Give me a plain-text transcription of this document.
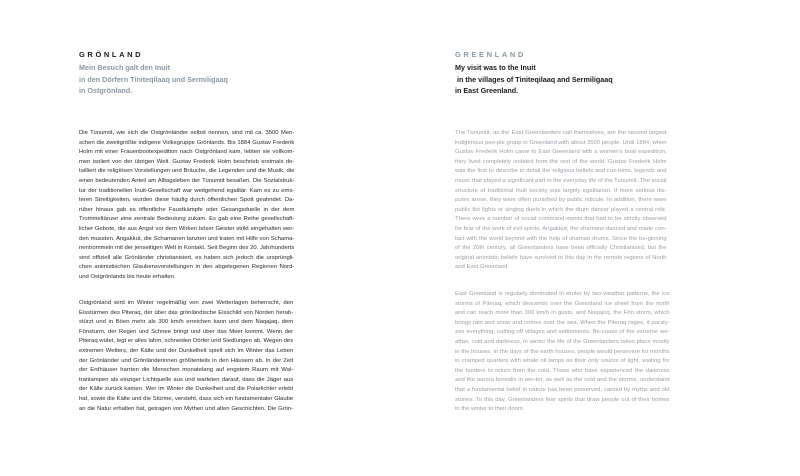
GRÖNLAND
Mein Besuch galt den Inuit
in den Dörfern Tiniteqilaaq und Sermiligaaq
in Ostgrönland.
Die Tunumiit, wie sich die Ostgrönländer selbst nennen, sind mit ca. 3500 Men-
schen die zweitgrößte indigene Volksgruppe Grönlands. Bis 1884 Gustav Frederik
Holm mit einer Frauenbootexpedition nach Ostgrönland kam, lebten sie vollkom-
men isoliert von der übrigen Welt. Gustav Frederik Holm beschrieb erstmals de-
tailliert die religiösen Vorstellungen und Bräuche, die Legenden und die Musik, die
einen bedeutenden Anteil am Alltagsleben der Tunumiit besaßen. Die Sozialstruk-
tur der traditionellen Inuit-Gesellschaft war weitgehend egalitär. Kam es zu ems-
teren Streitigkeiten, wurden diese häufig durch öffentlichen Spott geahndet. Da-
rüber hinaus gab es öffentliche Faustkämpfe oder Gesangsduelle in der dem
Trommeltänzer eine zentrale Bedeutung zukam. Es gab eine Reihe gesellschaft-
licher Gebote, die aus Angst vor dem Wirken böser Geister strikt eingehalten wer-
den mussten. Angakkut, die Schamanen tanzten und traten mit Hilfe von Schama-
nentrommeln mit der jenseitigen Welt in Kontakt. Seit Beginn des 20. Jahrhunderts
sind offiziell alle Grönländer christianisiert, es haben sich jedoch die ursprüngli-
chen animistischen Glaubensvorstellungen in den abgelegenen Regionen Nord-
und Ostgrönlands bis heute erhalten.
Ostgrönland wird im Winter regelmäßig von zwei Wetterlagen beherrscht, den
Eisstürmen des Piteraq, der über das grönländische Eisschild von Norden herab-
stürzt und in Böen mehr als 300 km/h erreichen kann und dem Naqajaq, dem
Fönsturm, der Regen und Schnee bringt und über das Meer kommt. Wenn der
Piteraq wütet, legt er alles lahm, schneiden Dörfer und Siedlungen ab. Wegen des
extremen Wetters, der Kälte und der Dunkelheit spielt sich im Winter das Leben
der Grönländer und Grönländerinnen größtenteils in den Häusern ab. In der Zeit
der Erdhäuser harrten die Menschen monatelang auf engstem Raum mit Wal-
tranlampen als einziger Lichtquelle aus und warteten darauf, dass die Jäger aus
der Kälte zurück kamen. Wer im Winter die Dunkelheit und die Polarlichter erlebt
hat, sowie die Kälte und die Stürme, versteht, dass sich ein fundamentaler Glaube
an die Natur erhalten hat, getragen von Mythen und alten Geschichten. Die Grön-
GREENLAND
My visit was to the Inuit
in the villages of Tiniteqilaaq and Sermiligaaq
in East Greenland.
The Tunumiit, as the East Greenlanders call themselves, are the second largest
indigenous peo-ple group in Greenland with about 3500 people. Until 1884, when
Gustav Frederik Holm came to East Greenland with a women's boat expedition,
they lived completely isolated from the rest of the world. Gustav Frederik Holm
was the first to describe in detail the religious beliefs and cus-toms, legends and
music that played a significant part in the everyday life of the Tunumiit. The social
structure of traditional Inuit society was largely egalitarian. If more serious dis-
putes arose, they were often punished by public ridicule. In addition, there were
public fist fights or singing duels in which the drum dancer played a central role.
There were a number of social command-ments that had to be strictly observed
for fear of the work of evil spirits. Angakkut, the shamans danced and made con-
tact with the world beyond with the help of shaman drums. Since the be-ginning
of the 20th century, all Greenlanders have been officially Christianized, but the
original animistic beliefs have survived to this day in the remote regions of North
and East Greenland.
East Greenland is regularly dominated in winter by two weather patterns, the ice
storms of Piteraq, which descends over the Greenland ice sheet from the north
and can reach more than 300 km/h in gusts, and Noqajoq, the Fön storm, which
brings rain and snow and comes over the sea. When the Piteraq rages, it paraly-
zes everything, cutting off villages and settlements. Be-cause of the extreme we-
ather, cold and darkness, in winter the life of the Greenlanders takes place mostly
in the houses. In the days of the earth houses, people would persevere for months
in cramped quarters with whale oil lamps as their only source of light, waiting for
the hunters to return from the cold. Those who have experienced the darkness
and the aurora borealis in win-ter, as well as the cold and the storms, understand
that a fundamental belief in nature has been preserved, carried by myths and old
stories. To this day, Greenlanders fear spirits that draw people out of their homes
in the winter to their doom.
